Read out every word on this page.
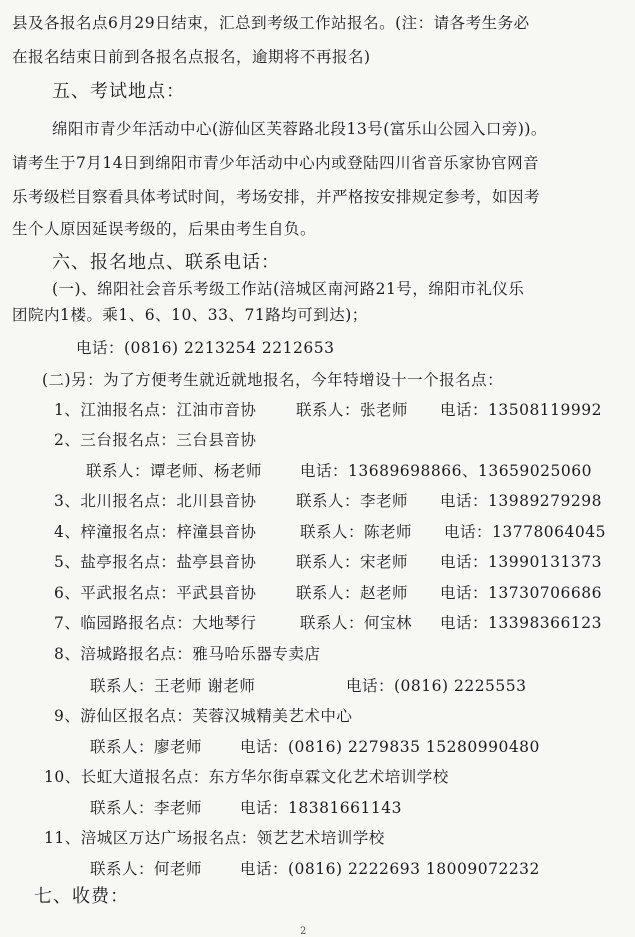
县及各报名点6月29日结束，汇总到考级工作站报名。(注：请各考生务必
在报名结束日前到各报名点报名，逾期将不再报名)
五、考试地点：
绵阳市青少年活动中心(游仙区芙蓉路北段13号(富乐山公园入口旁))。
请考生于7月14日到绵阳市青少年活动中心内或登陆四川省音乐家协官网音
乐考级栏目察看具体考试时间，考场安排，并严格按安排规定参考，如因考
生个人原因延误考级的，后果由考生自负。
六、报名地点、联系电话：
(一)、绵阳社会音乐考级工作站(涪城区南河路21号，绵阳市礼仪乐
团院内1楼。乘1、6、10、33、71路均可到达)；
电话：(0816) 2213254 2212653
(二)另：为了方便考生就近就地报名，今年特增设十一个报名点：
1、江油报名点：江油市音协	联系人：张老师 电话：13508119992
2、三台报名点：三台县音协
联系人：谭老师、杨老师 电话：13689698866、13659025060
3、北川报名点：北川县音协	联系人：李老师 电话：13989279298
4、梓潼报名点：梓潼县音协	联系人：陈老师 电话：13778064045
5、盐亭报名点：盐亭县音协	联系人：宋老师 电话：13990131373
6、平武报名点：平武县音协	联系人：赵老师 电话：13730706686
7、临园路报名点：大地琴行	联系人：何宝林 电话：13398366123
8、涪城路报名点：雅马哈乐器专卖店
联系人：王老师 谢老师	电话：(0816) 2225553
9、游仙区报名点：芙蓉汉城精美艺术中心
联系人：廖老师 电话：(0816) 2279835 15280990480
10、长虹大道报名点：东方华尔街卓霖文化艺术培训学校
联系人：李老师 电话：18381661143
11、涪城区万达广场报名点：领艺艺术培训学校
联系人：何老师 电话：(0816) 2222693 18009072232
七、收费：
2
